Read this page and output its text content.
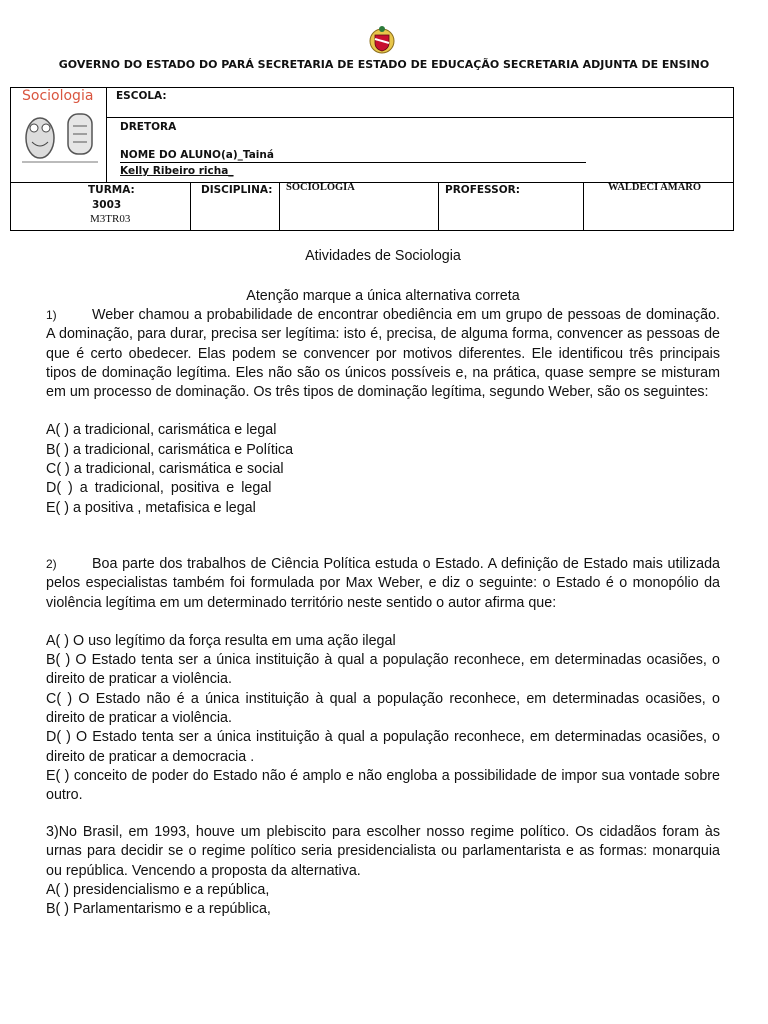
GOVERNO DO ESTADO DO PARÁ SECRETARIA DE ESTADO DE EDUCAÇÃO SECRETARIA ADJUNTA DE ENSINO
Sociologia ESCOLA:
DRETORA
NOME DO ALUNO(a)_Tainá
Kelly Ribeiro richa_
TURMA:
3003
M3TR03
DISCIPLINA: SOCIOLOGIA	PROFESSOR:	WALDECI AMARO
Atividades de Sociologia
Atenção marque a única alternativa correta

1) Weber chamou a probabilidade de encontrar obediência em um grupo de pessoas de dominação. A dominação, para durar, precisa ser legítima: isto é, precisa, de alguma forma, convencer as pessoas de que é certo obedecer. Elas podem se convencer por motivos diferentes. Ele identificou três principais tipos de dominação legítima. Eles não são os únicos possíveis e, na prática, quase sempre se misturam em um processo de dominação. Os três tipos de dominação legítima, segundo Weber, são os seguintes:

A( ) a tradicional, carismática e legal

B( ) a tradicional, carismática e Política

C( ) a tradicional, carismática e social

D( ) a tradicional, positiva e legal

E( ) a positiva , metafisica e legal

2) Boa parte dos trabalhos de Ciência Política estuda o Estado. A definição de Estado mais utilizada pelos especialistas também foi formulada por Max Weber, e diz o seguinte: o Estado é o monopólio da violência legítima em um determinado território neste sentido o autor afirma que:

A( ) O uso legítimo da força resulta em uma ação ilegal

B( ) O Estado tenta ser a única instituição à qual a população reconhece, em determinadas ocasiões, o direito de praticar a violência.

C( ) O Estado não é a única instituição à qual a população reconhece, em determinadas ocasiões, o direito de praticar a violência.

D( ) O Estado tenta ser a única instituição à qual a população reconhece, em determinadas ocasiões, o direito de praticar a democracia .

E( ) conceito de poder do Estado não é amplo e não engloba a possibilidade de impor sua vontade sobre outro.

3)No Brasil, em 1993, houve um plebiscito para escolher nosso regime político. Os cidadãos foram às urnas para decidir se o regime político seria presidencialista ou parlamentarista e as formas: monarquia ou república. Vencendo a proposta da alternativa.

A( ) presidencialismo e a república,

B( ) Parlamentarismo e a república,
